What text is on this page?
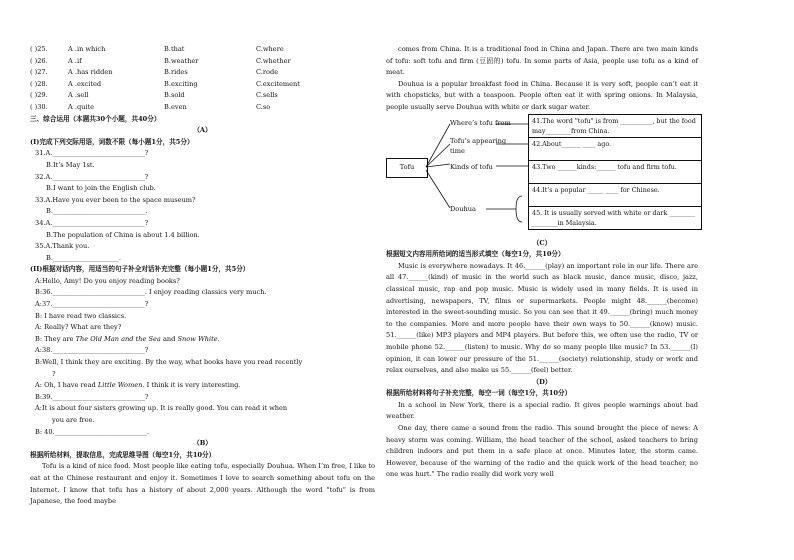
( )25.	A .in which	B.that	C.where
( )26.	A .if	B.weather	C.whether
( )27.	A .has ridden	B.rides	C.rode
( )28.	A .excited	B.exciting	C.excitement
( )29.	A .sell	B.sold	C.sells
( )30.	A .quite	B.even	C.so
三、综合运用（本题共30个小题，共40分）
（A）
(I)完成下列交际用语，词数不限（每小题1分，共5分）
31.A.____________________________?
B.It’s May 1st.
32.A.____________________________?
B.I want to join the English club.
33.A.Have you ever been to the space museum?
B.____________________________.
34.A.____________________________?
B.The population of China is about 1.4 billion.
35.A.Thank you.
B.____________________.
(II)根据对话内容，用适当的句子补全对话补充完整（每小题1分，共5分）
A:Hello, Amy! Do you enjoy reading books?
B:36.____________________________. I enjoy reading classics very much.
A:37.____________________________?
B: I have read two classics.
A: Really? What are they?
B: They are The Old Man and the Sea and Snow White.
A:38.____________________________?
B:Well, I think they are exciting. By the way, what books have you read recently
?
A: Oh, I have read Little Women. I think it is very interesting.
B:39.____________________________?
A:It is about four sisters growing up. It is really good. You can read it when
you are free.
B: 40.____________________________.
（B）
根据所给材料，提取信息，完成思维导图（每空1分，共10分）
Tofu is a kind of nice food. Most people like eating tofu, especially Douhua. When I’m free, I like to eat at the Chinese restaurant and enjoy it. Sometimes I love to search something about tofu on the Internet. I know that tofu has a history of about 2,000 years. Although the word "tofu" is from Japanese, the food maybe
comes from China. It is a traditional food in China and Japan. There are two main kinds of tofu: soft tofu and firm (豆固的) tofu. In some parts of Asia, people use tofu as a kind of meat.
Douhua is a popular breakfast food in China. Because it is very soft, people can’t eat it with chopsticks, but with a teaspoon. People often eat it with spring onions. In Malaysia, people usually serve Douhua with white or dark sugar water.
Tofu
Where’s tofu from
Tofu’s appearing time
Kinds of tofu
Douhua
41.The word "tofu" is from __________, but the food may________from China.
42.About______ ____ ago.
43.Two ______kinds:______ tofu and firm tofu.
44.It’s a popular _____ ____ for Chinese.
45. It is usually served with white or dark ________ ________in Malaysia.
（C）
根据短文内容用所给词的适当形式填空（每空1分，共10分）
Music is everywhere nowadays. It 46.______(play) an important role in our life. There are all 47.______(kind) of music in the world such as black music, dance music, disco, jazz, classical music, rap and pop music. Music is widely used in many fields. It is used in advertising, newspapers, TV, films or supermarkets. People might 48.______(become) interested in the sweet-sounding music. So you can see that it 49.______(bring) much money to the companies. More and more people have their own ways to 50.______(know) music. 51.______(like) MP3 players and MP4 players. But before this, we often use the radio, TV or mobile phone 52.______(listen) to music. Why do so many people like music? In 53.______(I) opinion, it can lower our pressure of the 51.______(society) relationship, study or work and relax ourselves, and also make us 55.______(feel) better.
（D）
根据所给材料将句子补充完整，每空一词（每空1分，共10分）
In a school in New York, there is a special radio. It gives people warnings about bad weather.
One day, there came a sound from the radio. This sound brought the piece of news: A heavy storm was coming. William, the head teacher of the school, asked teachers to bring children indoors and put them in a safe place at once. Minutes later, the storm came. However, because of the warning of the radio and the quick work of the head teacher, no one was hurt." The radio really did work very well
